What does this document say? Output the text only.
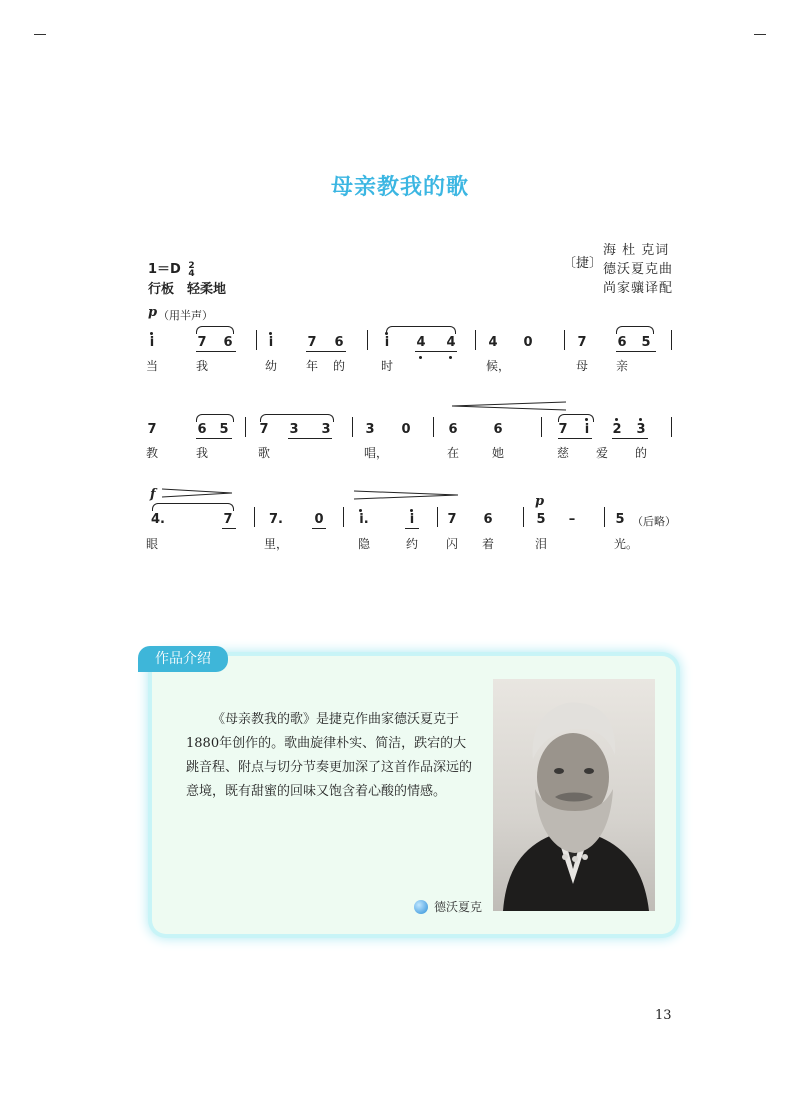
母亲教我的歌
1＝D 2
4
行板　轻柔地
〔捷〕
海 杜 克词
德沃夏克曲
尚家骧译配
p （用半声）
i	7 6	i	7 6	i 4 4	4 0	7 6 5
当	我	幼 年 的	时	候，	母 亲
7	6 5 7 3 3	3 0	6	6	7 i 2 3
教	我	歌	唱，	在	她	慈 爱 的
f	p
4.	7	7. 0	i.	i	7 6	5 –	5 （后略）
眼	里，	隐	约 闪 着	泪	光。
作品介绍
《母亲教我的歌》是捷克作曲家德沃夏克于1880年创作的。歌曲旋律朴实、简洁，跌宕的大跳音程、附点与切分节奏更加深了这首作品深远的意境，既有甜蜜的回味又饱含着心酸的情感。
德沃夏克
13
